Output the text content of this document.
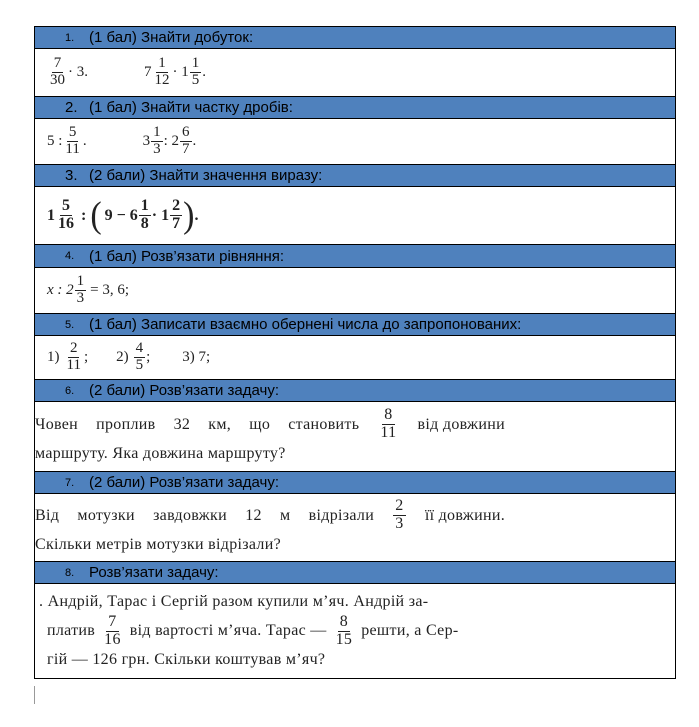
1. (1 бал) Знайти добуток:
$\frac{7}{30} \cdot 3$.	$7 \frac{1}{12} \cdot 1 \frac{1}{5}$ .
2. (1 бал) Знайти частку дробів:
5 : $\frac{5}{11}$ .	$3 \frac{1}{3}$ : $2 \frac{6}{7}$ .
3. (2 бали) Знайти значення виразу:
$1 \frac{5}{16}$ : ( $9 - 6 \frac{1}{8} \cdot 1 \frac{2}{7}$ ) .
4. (1 бал) Розв’язати рівняння:
x : $2 \frac{1}{3} = 3$, 6;
5. (1 бал) Записати взаємно обернені числа до запропонованих:
$1) \frac{2}{11}$ ; $2) \frac{4}{5}$ ; 3) 7;
6. (2 бали) Розв’язати задачу:
Човен проплив 32 км, що становить $\frac{8}{11}$ від довжини

маршруту. Яка довжина маршруту?

7. (2 бали) Розв’язати задачу:
Від мотузки завдовжки 12 м відрізали $\frac{2}{3}$ її довжини.

Скільки метрів мотузки відрізали?

8. Розв’язати задачу:

. Андрій, Тарас і Сергій разом купили м’яч. Андрій за-

платив $\frac{7}{16}$ від вартості м’яча. Тарас — $\frac{8}{15}$ решти, а Сер-

гій — 126 грн. Скільки коштував м’яч?
